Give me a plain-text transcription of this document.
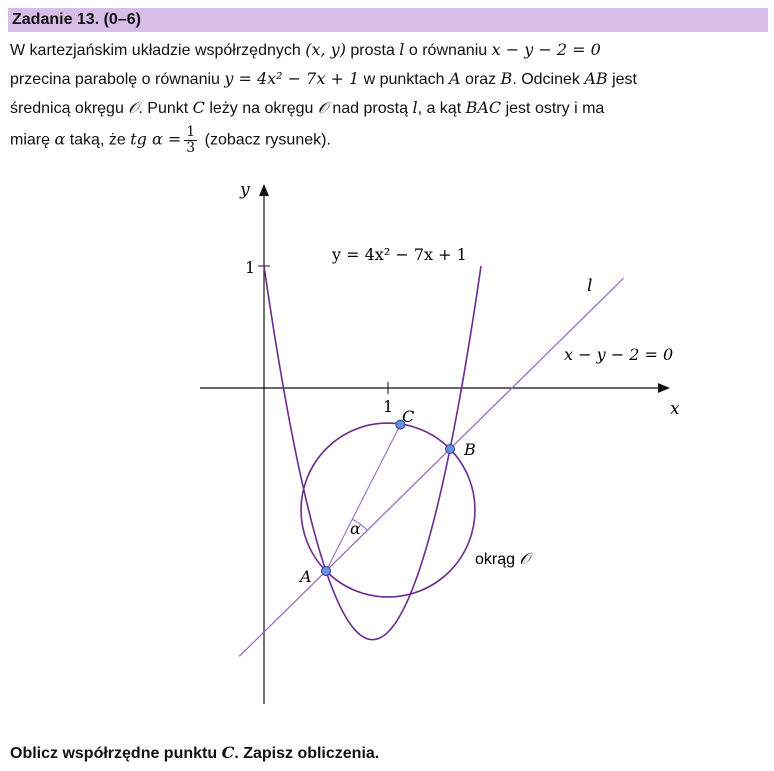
Zadanie 13. (0–6)
W kartezjańskim układzie współrzędnych (x, y) prosta l o równaniu x − y − 2 = 0
przecina parabolę o równaniu y = 4x² − 7x + 1 w punktach A oraz B. Odcinek AB jest
średnicą okręgu 𝒪. Punkt C leży na okręgu 𝒪 nad prostą l, a kąt BAC jest ostry i ma
miarę α taką, że tg $\alpha = \frac{1}{3}$ (zobacz rysunek).
y
x
1
1
y = 4x² − 7x + 1
l
x − y − 2 = 0
A
B
C
α
okrąg 𝒪
Oblicz współrzędne punktu C. Zapisz obliczenia.
